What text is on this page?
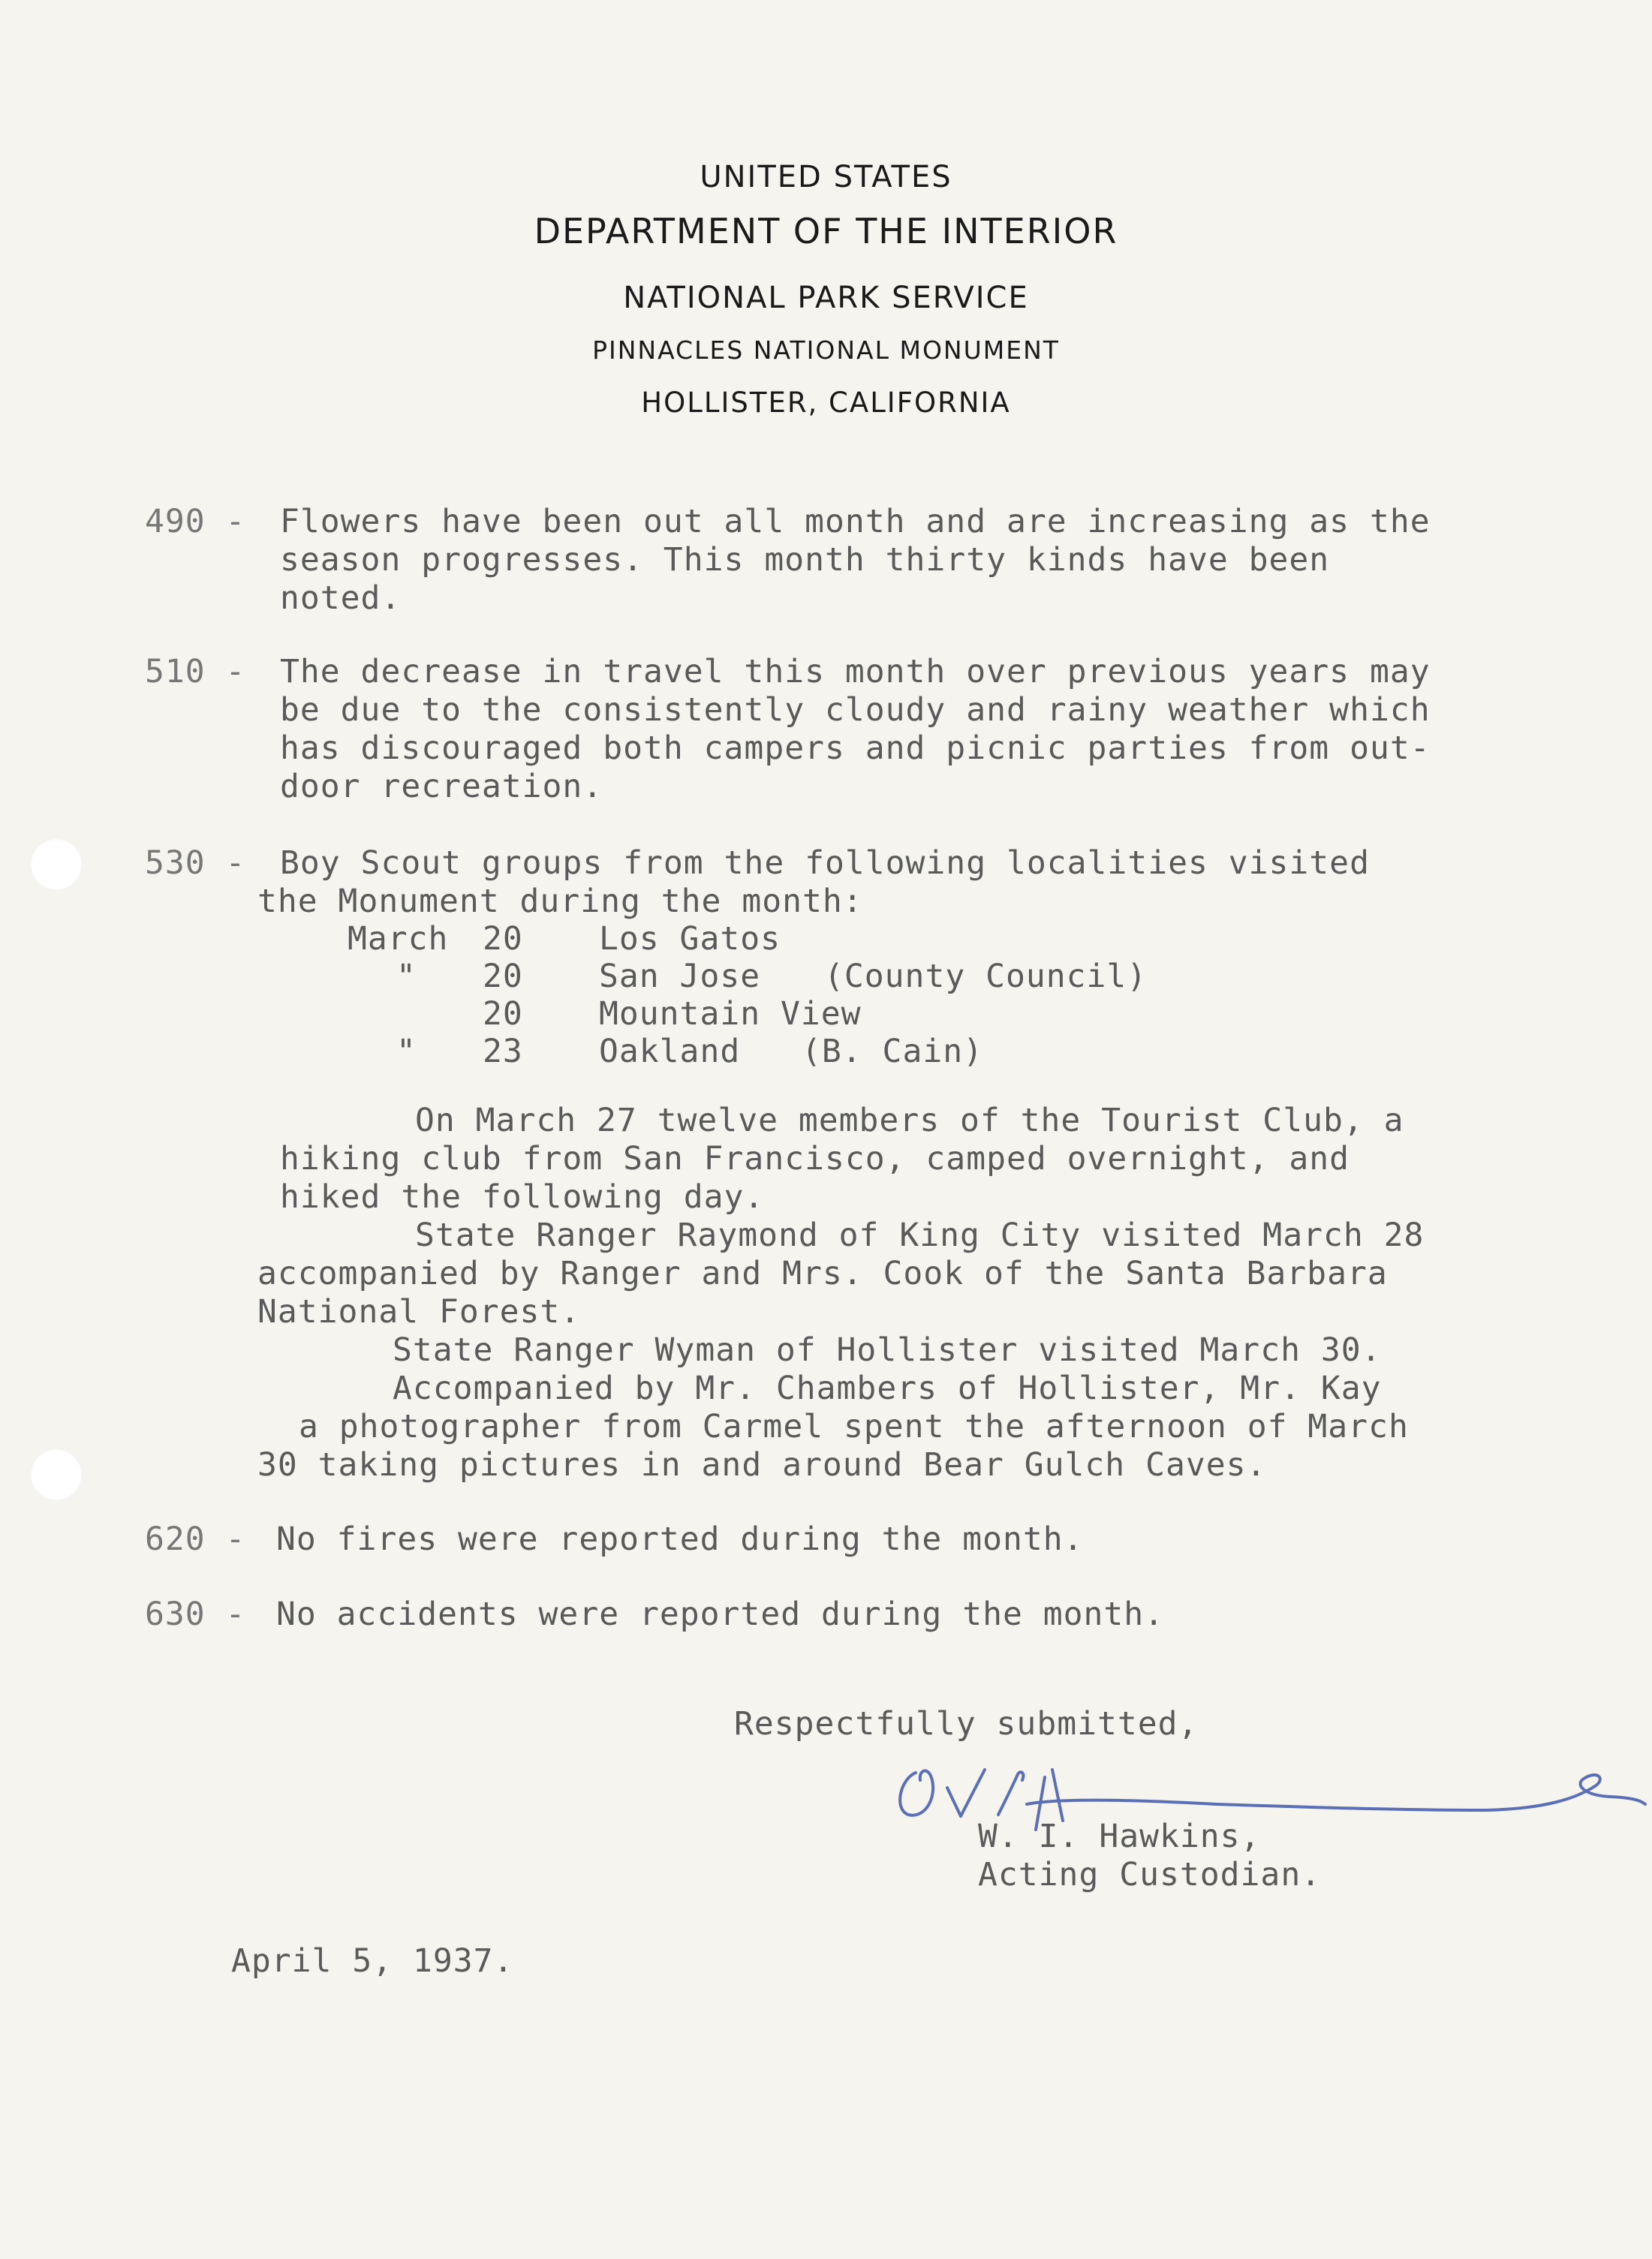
UNITED STATES
DEPARTMENT OF THE INTERIOR
NATIONAL PARK SERVICE
PINNACLES NATIONAL MONUMENT
HOLLISTER, CALIFORNIA
490 - Flowers have been out all month and are increasing as the
season progresses. This month thirty kinds have been
noted.
510 - The decrease in travel this month over previous years may
be due to the consistently cloudy and rainy weather which
has discouraged both campers and picnic parties from out-
door recreation.
530 - Boy Scout groups from the following localities visited
the Monument during the month:
March 20 Los Gatos
" 20 San Jose (County Council)
20 Mountain View
" 23 Oakland (B. Cain)
On March 27 twelve members of the Tourist Club, a
hiking club from San Francisco, camped overnight, and
hiked the following day.
State Ranger Raymond of King City visited March 28
accompanied by Ranger and Mrs. Cook of the Santa Barbara
National Forest.
State Ranger Wyman of Hollister visited March 30.
Accompanied by Mr. Chambers of Hollister, Mr. Kay
a photographer from Carmel spent the afternoon of March
30 taking pictures in and around Bear Gulch Caves.
620 - No fires were reported during the month.
630 - No accidents were reported during the month.
Respectfully submitted,
W. I. Hawkins,
Acting Custodian.
April 5, 1937.
